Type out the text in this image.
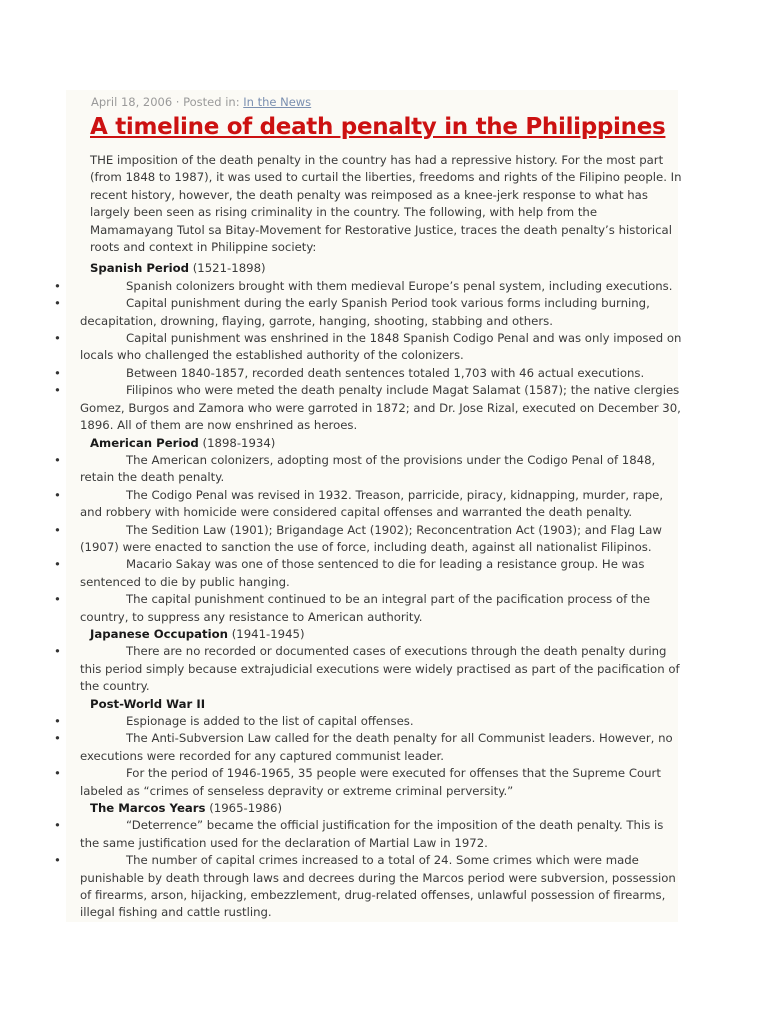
April 18, 2006 · Posted in: In the News
A timeline of death penalty in the Philippines

THE imposition of the death penalty in the country has had a repressive history. For the most part (from 1848 to 1987), it was used to curtail the liberties, freedoms and rights of the Filipino people. In recent history, however, the death penalty was reimposed as a knee-jerk response to what has largely been seen as rising criminality in the country. The following, with help from the Mamamayang Tutol sa Bitay-Movement for Restorative Justice, traces the death penalty’s historical roots and context in Philippine society:

Spanish Period (1521-1898)
• Spanish colonizers brought with them medieval Europe’s penal system, including executions.
• Capital punishment during the early Spanish Period took various forms including burning, decapitation, drowning, flaying, garrote, hanging, shooting, stabbing and others.
• Capital punishment was enshrined in the 1848 Spanish Codigo Penal and was only imposed on locals who challenged the established authority of the colonizers.
• Between 1840-1857, recorded death sentences totaled 1,703 with 46 actual executions.
• Filipinos who were meted the death penalty include Magat Salamat (1587); the native clergies Gomez, Burgos and Zamora who were garroted in 1872; and Dr. Jose Rizal, executed on December 30, 1896. All of them are now enshrined as heroes.
American Period (1898-1934)
• The American colonizers, adopting most of the provisions under the Codigo Penal of 1848, retain the death penalty.
• The Codigo Penal was revised in 1932. Treason, parricide, piracy, kidnapping, murder, rape, and robbery with homicide were considered capital offenses and warranted the death penalty.
• The Sedition Law (1901); Brigandage Act (1902); Reconcentration Act (1903); and Flag Law (1907) were enacted to sanction the use of force, including death, against all nationalist Filipinos.
• Macario Sakay was one of those sentenced to die for leading a resistance group. He was sentenced to die by public hanging.
• The capital punishment continued to be an integral part of the pacification process of the country, to suppress any resistance to American authority.
Japanese Occupation (1941-1945)
• There are no recorded or documented cases of executions through the death penalty during this period simply because extrajudicial executions were widely practised as part of the pacification of the country.
Post-World War II
• Espionage is added to the list of capital offenses.
• The Anti-Subversion Law called for the death penalty for all Communist leaders. However, no executions were recorded for any captured communist leader.
• For the period of 1946-1965, 35 people were executed for offenses that the Supreme Court labeled as “crimes of senseless depravity or extreme criminal perversity.”
The Marcos Years (1965-1986)
• “Deterrence” became the official justification for the imposition of the death penalty. This is the same justification used for the declaration of Martial Law in 1972.
• The number of capital crimes increased to a total of 24. Some crimes which were made punishable by death through laws and decrees during the Marcos period were subversion, possession of firearms, arson, hijacking, embezzlement, drug-related offenses, unlawful possession of firearms, illegal fishing and cattle rustling.
